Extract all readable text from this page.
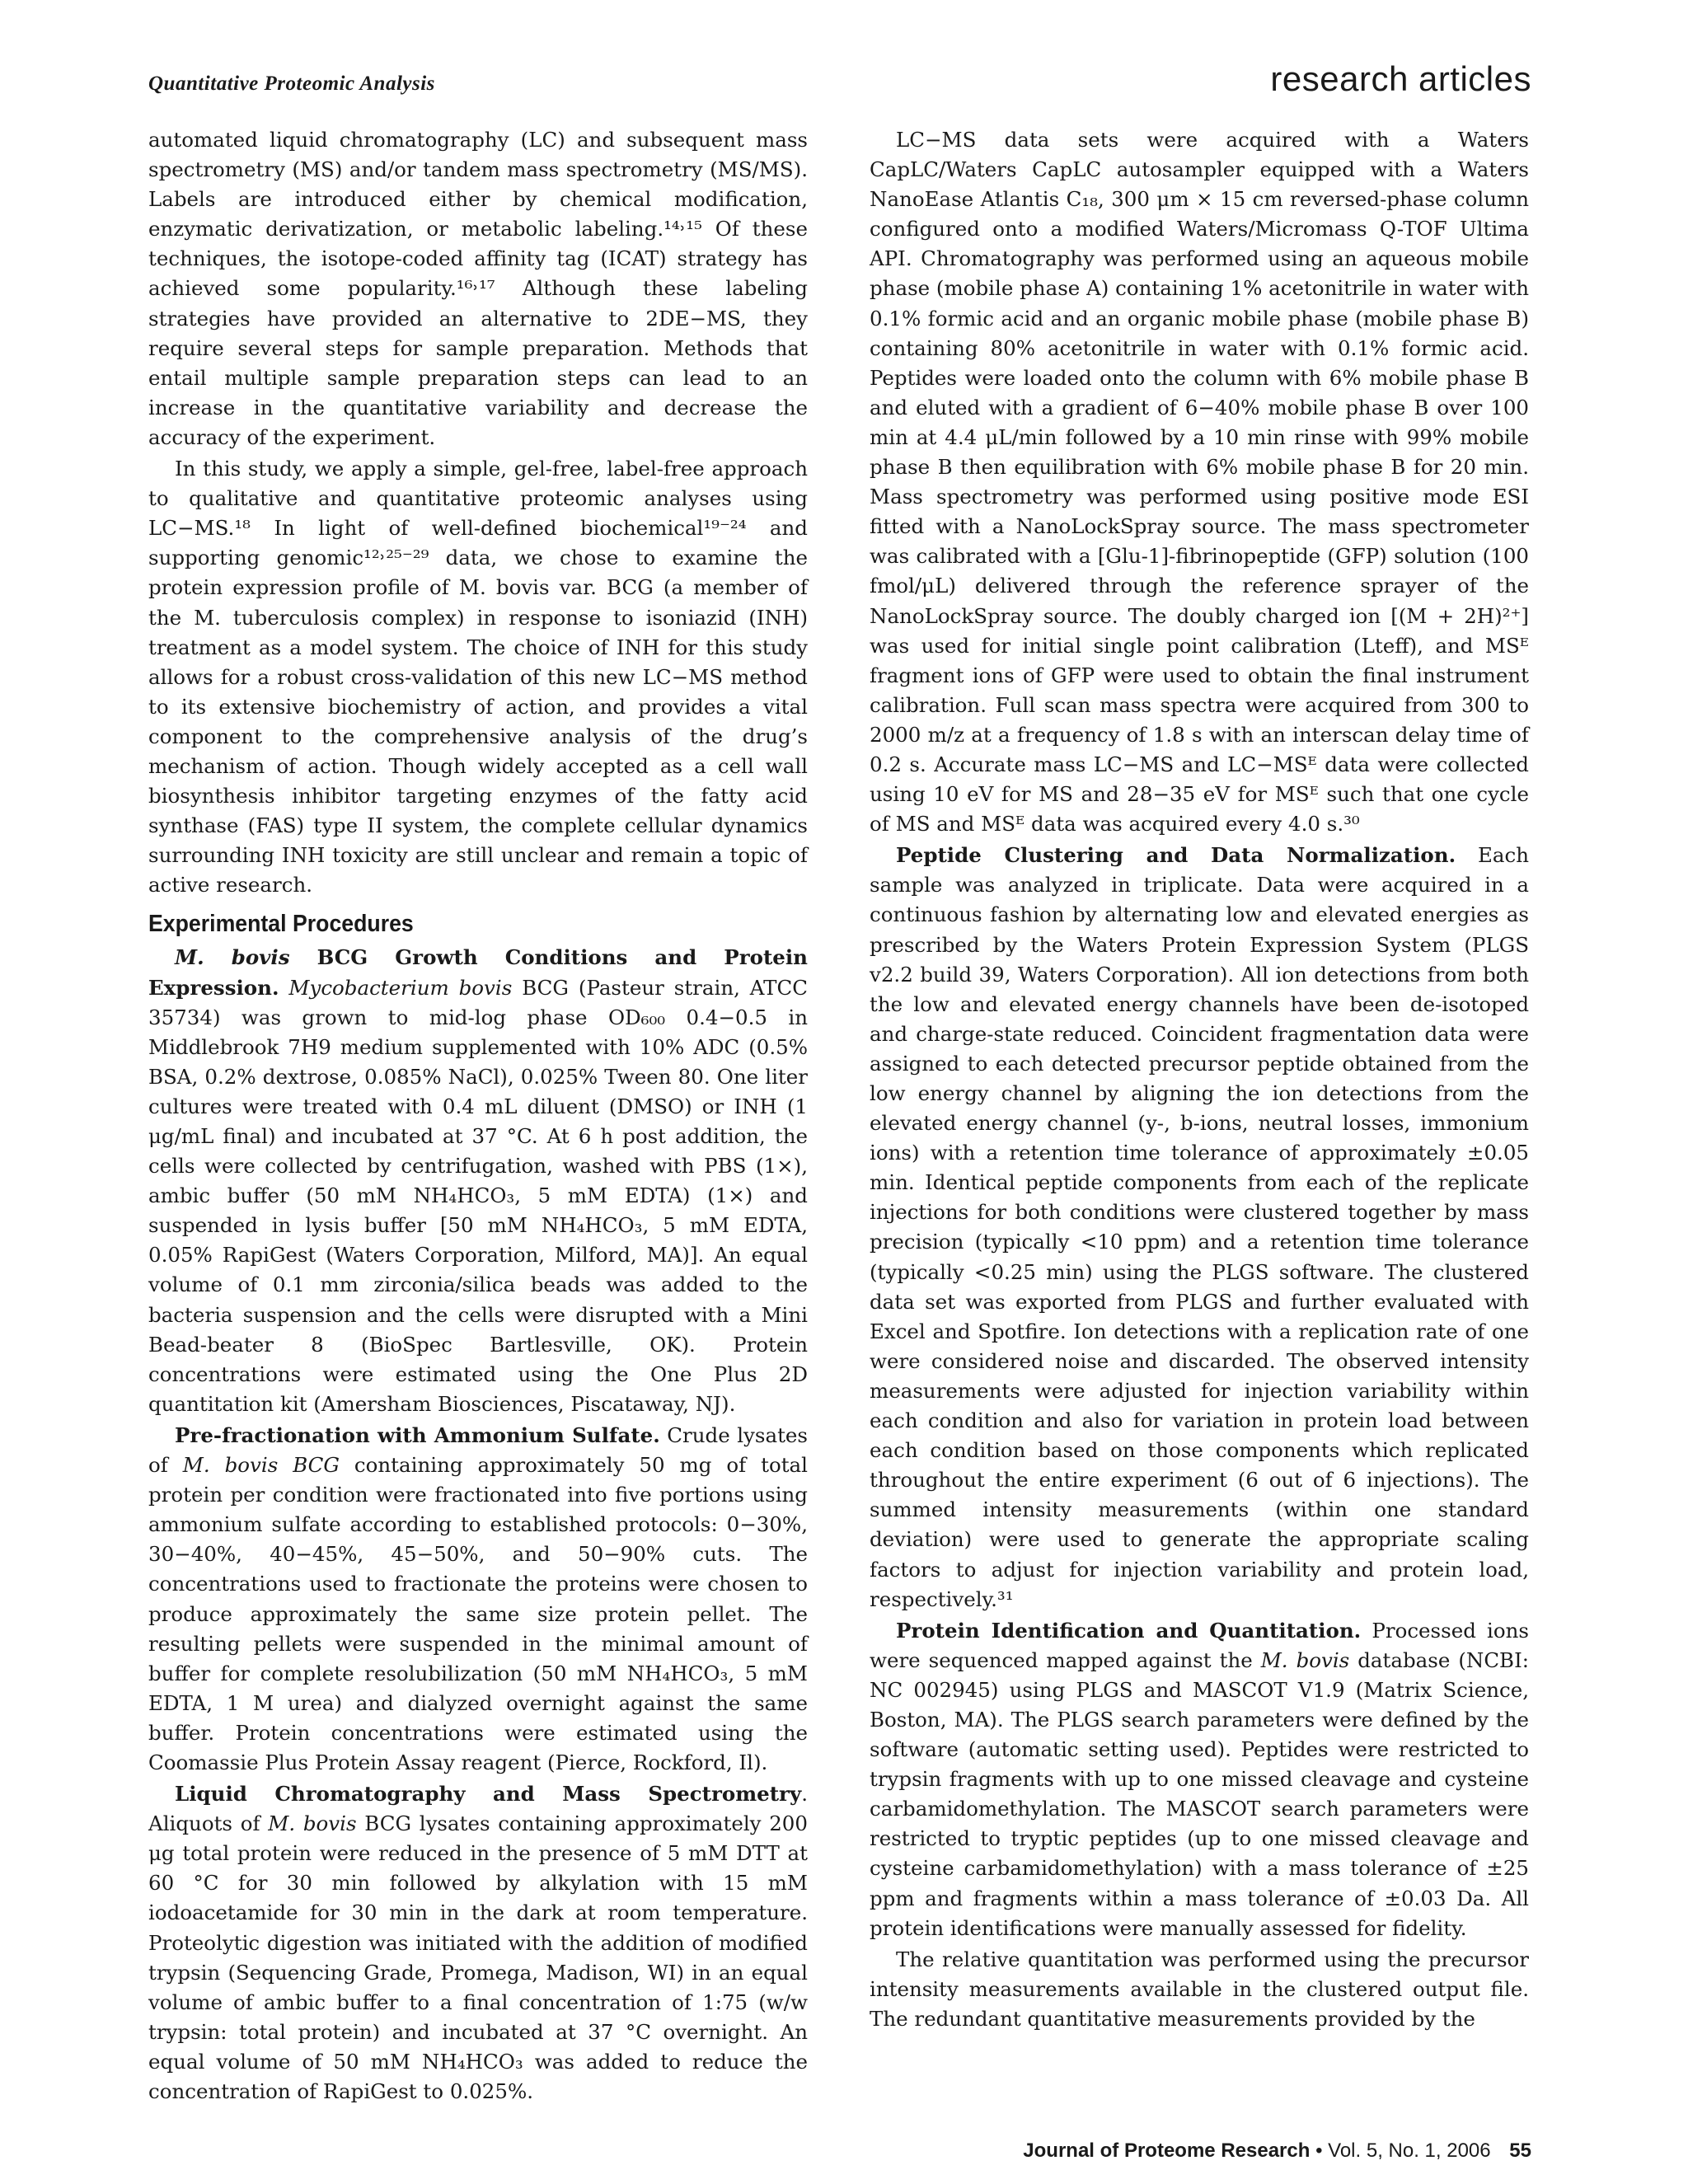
Quantitative Proteomic Analysis	research articles

automated liquid chromatography (LC) and subsequent mass spectrometry (MS) and/or tandem mass spectrometry (MS/MS). Labels are introduced either by chemical modification, enzymatic derivatization, or metabolic labeling.¹⁴˒¹⁵ Of these techniques, the isotope-coded affinity tag (ICAT) strategy has achieved some popularity.¹⁶˒¹⁷ Although these labeling strategies have provided an alternative to 2DE−MS, they require several steps for sample preparation. Methods that entail multiple sample preparation steps can lead to an increase in the quantitative variability and decrease the accuracy of the experiment.

In this study, we apply a simple, gel-free, label-free approach to qualitative and quantitative proteomic analyses using LC−MS.¹⁸ In light of well-defined biochemical¹⁹⁻²⁴ and supporting genomic¹²˒²⁵⁻²⁹ data, we chose to examine the protein expression profile of M. bovis var. BCG (a member of the M. tuberculosis complex) in response to isoniazid (INH) treatment as a model system. The choice of INH for this study allows for a robust cross-validation of this new LC−MS method to its extensive biochemistry of action, and provides a vital component to the comprehensive analysis of the drug’s mechanism of action. Though widely accepted as a cell wall biosynthesis inhibitor targeting enzymes of the fatty acid synthase (FAS) type II system, the complete cellular dynamics surrounding INH toxicity are still unclear and remain a topic of active research.

Experimental Procedures

M. bovis BCG Growth Conditions and Protein Expression. Mycobacterium bovis BCG (Pasteur strain, ATCC 35734) was grown to mid-log phase OD₆₀₀ 0.4−0.5 in Middlebrook 7H9 medium supplemented with 10% ADC (0.5% BSA, 0.2% dextrose, 0.085% NaCl), 0.025% Tween 80. One liter cultures were treated with 0.4 mL diluent (DMSO) or INH (1 μg/mL final) and incubated at 37 °C. At 6 h post addition, the cells were collected by centrifugation, washed with PBS (1×), ambic buffer (50 mM NH₄HCO₃, 5 mM EDTA) (1×) and suspended in lysis buffer [50 mM NH₄HCO₃, 5 mM EDTA, 0.05% RapiGest (Waters Corporation, Milford, MA)]. An equal volume of 0.1 mm zirconia/silica beads was added to the bacteria suspension and the cells were disrupted with a Mini Bead-beater 8 (BioSpec Bartlesville, OK). Protein concentrations were estimated using the One Plus 2D quantitation kit (Amersham Biosciences, Piscataway, NJ).

Pre-fractionation with Ammonium Sulfate. Crude lysates of M. bovis BCG containing approximately 50 mg of total protein per condition were fractionated into five portions using ammonium sulfate according to established protocols: 0−30%, 30−40%, 40−45%, 45−50%, and 50−90% cuts. The concentrations used to fractionate the proteins were chosen to produce approximately the same size protein pellet. The resulting pellets were suspended in the minimal amount of buffer for complete resolubilization (50 mM NH₄HCO₃, 5 mM EDTA, 1 M urea) and dialyzed overnight against the same buffer. Protein concentrations were estimated using the Coomassie Plus Protein Assay reagent (Pierce, Rockford, Il).

Liquid Chromatography and Mass Spectrometry. Aliquots of M. bovis BCG lysates containing approximately 200 μg total protein were reduced in the presence of 5 mM DTT at 60 °C for 30 min followed by alkylation with 15 mM iodoacetamide for 30 min in the dark at room temperature. Proteolytic digestion was initiated with the addition of modified trypsin (Sequencing Grade, Promega, Madison, WI) in an equal volume of ambic buffer to a final concentration of 1:75 (w/w trypsin: total protein) and incubated at 37 °C overnight. An equal volume of 50 mM NH₄HCO₃ was added to reduce the concentration of RapiGest to 0.025%.

LC−MS data sets were acquired with a Waters CapLC/Waters CapLC autosampler equipped with a Waters NanoEase Atlantis C₁₈, 300 μm × 15 cm reversed-phase column configured onto a modified Waters/Micromass Q-TOF Ultima API. Chromatography was performed using an aqueous mobile phase (mobile phase A) containing 1% acetonitrile in water with 0.1% formic acid and an organic mobile phase (mobile phase B) containing 80% acetonitrile in water with 0.1% formic acid. Peptides were loaded onto the column with 6% mobile phase B and eluted with a gradient of 6−40% mobile phase B over 100 min at 4.4 μL/min followed by a 10 min rinse with 99% mobile phase B then equilibration with 6% mobile phase B for 20 min. Mass spectrometry was performed using positive mode ESI fitted with a NanoLockSpray source. The mass spectrometer was calibrated with a [Glu-1]-fibrinopeptide (GFP) solution (100 fmol/μL) delivered through the reference sprayer of the NanoLockSpray source. The doubly charged ion [(M + 2H)²⁺] was used for initial single point calibration (Lteff), and MSᴱ fragment ions of GFP were used to obtain the final instrument calibration. Full scan mass spectra were acquired from 300 to 2000 m/z at a frequency of 1.8 s with an interscan delay time of 0.2 s. Accurate mass LC−MS and LC−MSᴱ data were collected using 10 eV for MS and 28−35 eV for MSᴱ such that one cycle of MS and MSᴱ data was acquired every 4.0 s.³⁰

Peptide Clustering and Data Normalization. Each sample was analyzed in triplicate. Data were acquired in a continuous fashion by alternating low and elevated energies as prescribed by the Waters Protein Expression System (PLGS v2.2 build 39, Waters Corporation). All ion detections from both the low and elevated energy channels have been de-isotoped and charge-state reduced. Coincident fragmentation data were assigned to each detected precursor peptide obtained from the low energy channel by aligning the ion detections from the elevated energy channel (y-, b-ions, neutral losses, immonium ions) with a retention time tolerance of approximately ±0.05 min. Identical peptide components from each of the replicate injections for both conditions were clustered together by mass precision (typically <10 ppm) and a retention time tolerance (typically <0.25 min) using the PLGS software. The clustered data set was exported from PLGS and further evaluated with Excel and Spotfire. Ion detections with a replication rate of one were considered noise and discarded. The observed intensity measurements were adjusted for injection variability within each condition and also for variation in protein load between each condition based on those components which replicated throughout the entire experiment (6 out of 6 injections). The summed intensity measurements (within one standard deviation) were used to generate the appropriate scaling factors to adjust for injection variability and protein load, respectively.³¹

Protein Identification and Quantitation. Processed ions were sequenced mapped against the M. bovis database (NCBI: NC 002945) using PLGS and MASCOT V1.9 (Matrix Science, Boston, MA). The PLGS search parameters were defined by the software (automatic setting used). Peptides were restricted to trypsin fragments with up to one missed cleavage and cysteine carbamidomethylation. The MASCOT search parameters were restricted to tryptic peptides (up to one missed cleavage and cysteine carbamidomethylation) with a mass tolerance of ±25 ppm and fragments within a mass tolerance of ±0.03 Da. All protein identifications were manually assessed for fidelity.

The relative quantitation was performed using the precursor intensity measurements available in the clustered output file. The redundant quantitative measurements provided by the

Journal of Proteome Research • Vol. 5, No. 1, 2006 55
